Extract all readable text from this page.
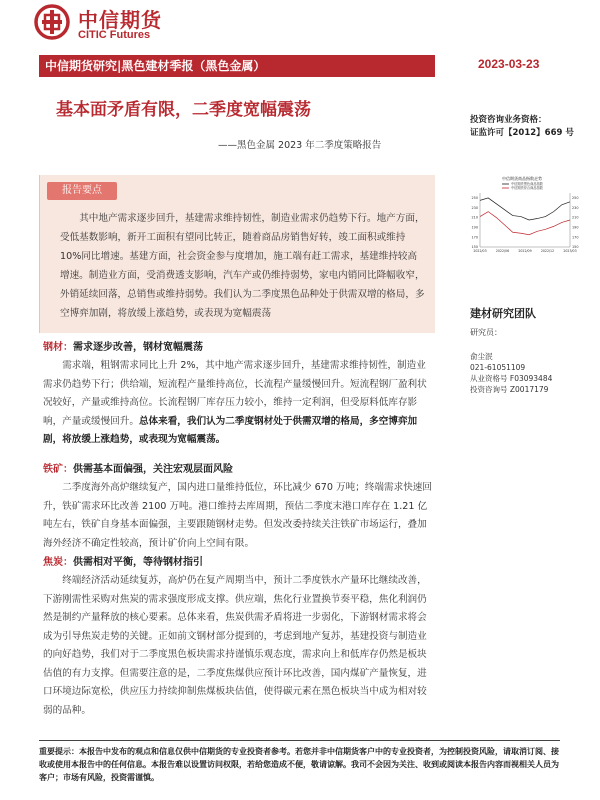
中信期货
CITIC Futures
中信期货研究|黑色建材季报（黑色金属）	2023-03-23
基本面矛盾有限，二季度宽幅震荡
——黑色金属 2023 年二季度策略报告
投资咨询业务资格：
证监许可【2012】669 号
报告要点
其中地产需求逐步回升，基建需求维持韧性，制造业需求仍趋势下行。地产方面，受低基数影响，新开工面积有望同比转正，随着商品房销售好转，竣工面积或维持 10%同比增速。基建方面，社会资金参与度增加，施工端有赶工需求，基建维持较高增速。制造业方面，受消费透支影响，汽车产或仍维持弱势，家电内销同比降幅收窄，外销延续回落，总销售或维持弱势。我们认为二季度黑色品种处于供需双增的格局，多空博弈加剧，将放缓上涨趋势，或表现为宽幅震荡
中信期货商品指数走势
中信期货黑色商品指数
中信期货综合商品指数
150	150
170	170
190	190
210	210
230	230
250	250
2022/03	2022/06	2022/09	2022/12	2023/03
建材研究团队
研究员：
俞尘泯
021-61051109
从业资格号 F03093484
投资咨询号 Z0017179
钢材：需求逐步改善，钢材宽幅震荡
需求端，粗钢需求同比上升 2%，其中地产需求逐步回升，基建需求维持韧性，制造业需求仍趋势下行；供给端，短流程产量维持高位，长流程产量缓慢回升。短流程钢厂盈利状况较好，产量或维持高位。长流程钢厂库存压力较小，维持一定利润，但受原料低库存影响，产量或缓慢回升。总体来看，我们认为二季度钢材处于供需双增的格局，多空博弈加剧，将放缓上涨趋势，或表现为宽幅震荡。
铁矿：供需基本面偏强，关注宏观层面风险
二季度海外高炉继续复产，国内进口量维持低位，环比减少 670 万吨；终端需求快速回升，铁矿需求环比改善 2100 万吨。港口维持去库周期，预估二季度末港口库存在 1.21 亿吨左右，铁矿自身基本面偏强，主要跟随钢材走势。但发改委持续关注铁矿市场运行，叠加海外经济不确定性较高，预计矿价向上空间有限。
焦炭：供需相对平衡，等待钢材指引
终端经济活动延续复苏，高炉仍在复产周期当中，预计二季度铁水产量环比继续改善，下游刚需性采购对焦炭的需求强度形成支撑。供应端，焦化行业置换节奏平稳，焦化利润仍然是制约产量释放的核心要素。总体来看，焦炭供需矛盾将进一步弱化，下游钢材需求将会成为引导焦炭走势的关键。正如前文钢材部分提到的，考虑到地产复苏，基建投资与制造业的向好趋势，我们对于二季度黑色板块需求持谨慎乐观态度，需求向上和低库存仍然是板块估值的有力支撑。但需要注意的是，二季度焦煤供应预计环比改善，国内煤矿产量恢复，进口环境边际宽松，供应压力持续抑制焦煤板块估值，使得碳元素在黑色板块当中成为相对较弱的品种。
重要提示：本报告中发布的观点和信息仅供中信期货的专业投资者参考。若您并非中信期货客户中的专业投资者，为控制投资风险，请取消订阅、接收或使用本报告中的任何信息。本报告难以设置访问权限，若给您造成不便，敬请谅解。我司不会因为关注、收到或阅读本报告内容而视相关人员为客户；市场有风险，投资需谨慎。
